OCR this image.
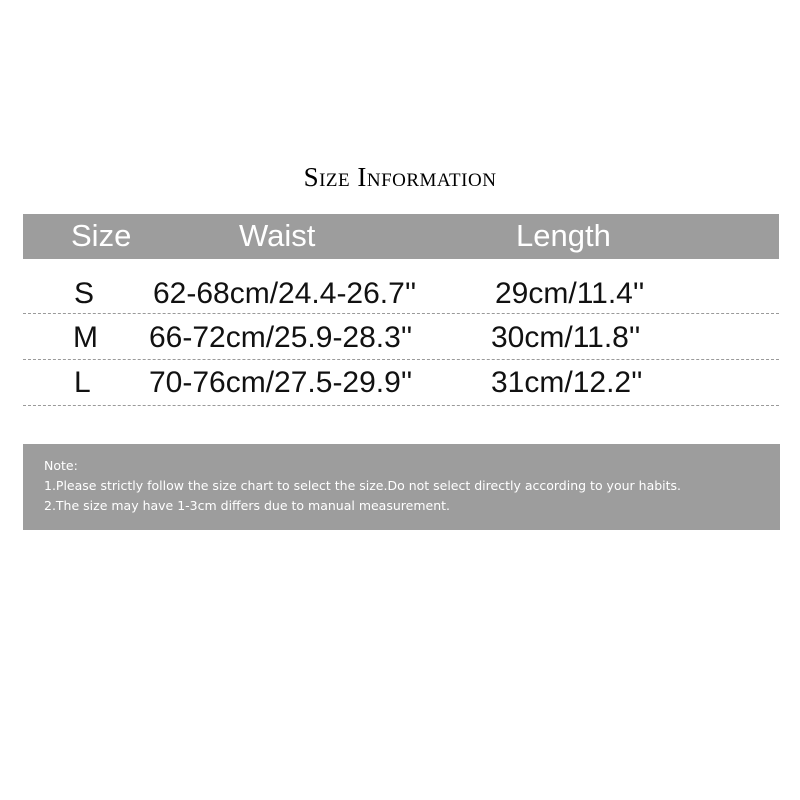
Size Information
Size	Waist	Length
S 62-68cm/24.4-26.7''	29cm/11.4''
M 66-72cm/25.9-28.3''	30cm/11.8''
L 70-76cm/27.5-29.9''	31cm/12.2''
Note:
1.Please strictly follow the size chart to select the size.Do not select directly according to your habits.
2.The size may have 1-3cm differs due to manual measurement.
